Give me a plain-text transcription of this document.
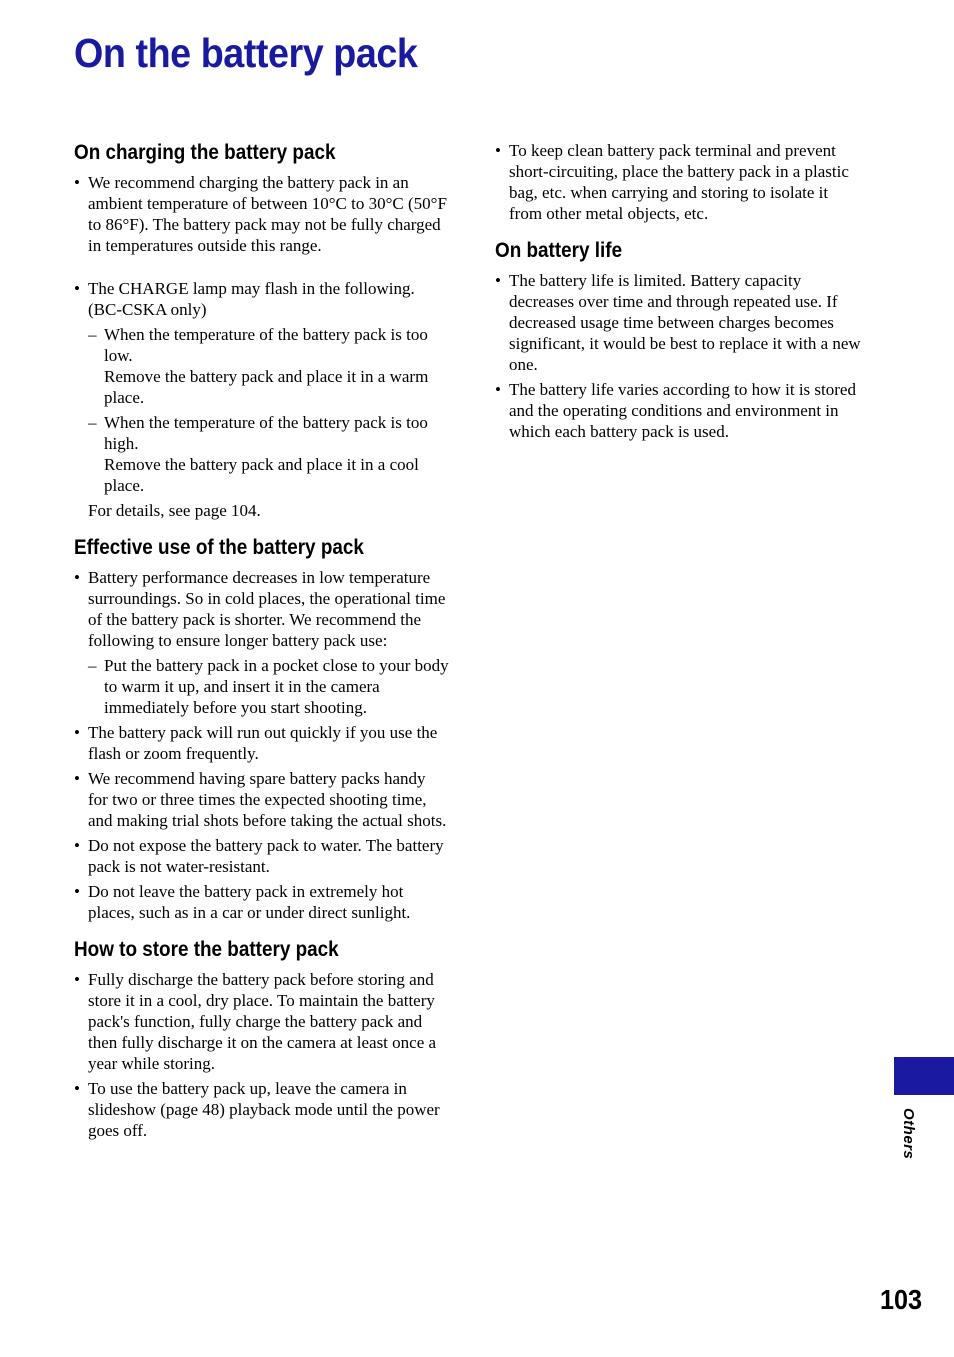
On the battery pack
On charging the battery pack
• We recommend charging the battery pack in an ambient temperature of between 10°C to 30°C (50°F to 86°F). The battery pack may not be fully charged in temperatures outside this range.
• The CHARGE lamp may flash in the following. (BC-CSKA only)
– When the temperature of the battery pack is too low.
Remove the battery pack and place it in a warm place.
– When the temperature of the battery pack is too high.
Remove the battery pack and place it in a cool place.
For details, see page 104.
Effective use of the battery pack
• Battery performance decreases in low temperature surroundings. So in cold places, the operational time of the battery pack is shorter. We recommend the following to ensure longer battery pack use:
– Put the battery pack in a pocket close to your body to warm it up, and insert it in the camera immediately before you start shooting.
• The battery pack will run out quickly if you use the flash or zoom frequently.
• We recommend having spare battery packs handy for two or three times the expected shooting time, and making trial shots before taking the actual shots.
• Do not expose the battery pack to water. The battery pack is not water-resistant.
• Do not leave the battery pack in extremely hot places, such as in a car or under direct sunlight.
How to store the battery pack
• Fully discharge the battery pack before storing and store it in a cool, dry place. To maintain the battery pack's function, fully charge the battery pack and then fully discharge it on the camera at least once a year while storing.
• To use the battery pack up, leave the camera in slideshow (page 48) playback mode until the power goes off.
• To keep clean battery pack terminal and prevent short-circuiting, place the battery pack in a plastic bag, etc. when carrying and storing to isolate it from other metal objects, etc.
On battery life
• The battery life is limited. Battery capacity decreases over time and through repeated use. If decreased usage time between charges becomes significant, it would be best to replace it with a new one.
• The battery life varies according to how it is stored and the operating conditions and environment in which each battery pack is used.
Others
103
